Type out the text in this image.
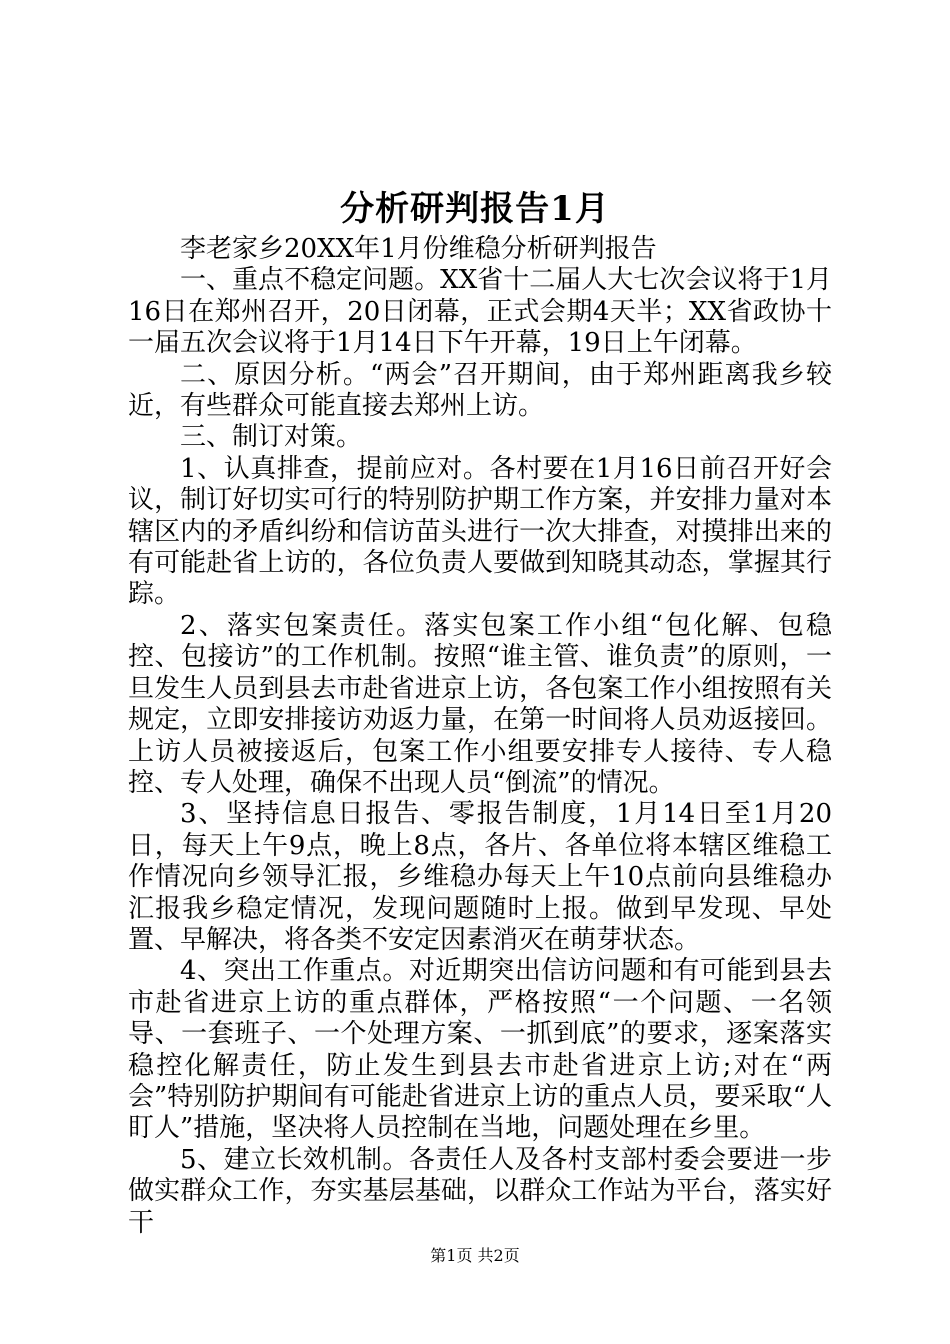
分析研判报告1月

李老家乡20XX年1月份维稳分析研判报告

一、重点不稳定问题。XX省十二届人大七次会议将于1月16日在郑州召开，20日闭幕，正式会期4天半；XX省政协十一届五次会议将于1月14日下午开幕，19日上午闭幕。

二、原因分析。“两会”召开期间，由于郑州距离我乡较近，有些群众可能直接去郑州上访。

三、制订对策。

1、认真排查，提前应对。各村要在1月16日前召开好会议，制订好切实可行的特别防护期工作方案，并安排力量对本辖区内的矛盾纠纷和信访苗头进行一次大排查，对摸排出来的有可能赴省上访的，各位负责人要做到知晓其动态，掌握其行踪。

2、落实包案责任。落实包案工作小组“包化解、包稳控、包接访”的工作机制。按照“谁主管、谁负责”的原则，一旦发生人员到县去市赴省进京上访，各包案工作小组按照有关规定，立即安排接访劝返力量，在第一时间将人员劝返接回。上访人员被接返后，包案工作小组要安排专人接待、专人稳控、专人处理，确保不出现人员“倒流”的情况。

3、坚持信息日报告、零报告制度，1月14日至1月20日，每天上午9点，晚上8点，各片、各单位将本辖区维稳工作情况向乡领导汇报，乡维稳办每天上午10点前向县维稳办汇报我乡稳定情况，发现问题随时上报。做到早发现、早处置、早解决，将各类不安定因素消灭在萌芽状态。

4、突出工作重点。对近期突出信访问题和有可能到县去市赴省进京上访的重点群体，严格按照“一个问题、一名领导、一套班子、一个处理方案、一抓到底”的要求，逐案落实稳控化解责任，防止发生到县去市赴省进京上访;对在“两会”特别防护期间有可能赴省进京上访的重点人员，要采取“人盯人”措施，坚决将人员控制在当地，问题处理在乡里。

5、建立长效机制。各责任人及各村支部村委会要进一步做实群众工作，夯实基层基础，以群众工作站为平台，落实好干

第1页 共2页
